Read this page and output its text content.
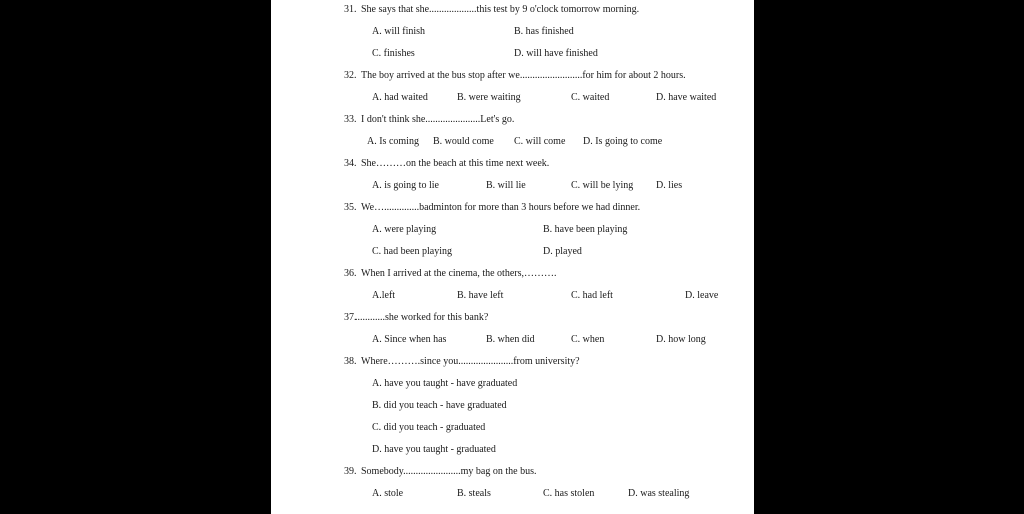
31. She says that she...................this test by 9 o'clock tomorrow morning.
A. will finish	B. has finished
C. finishes	D. will have finished
32. The boy arrived at the bus stop after we.........................for him for about 2 hours.
A. had waited	B. were waiting	C. waited	D. have waited
33. I don't think she......................Let's go.
A. Is coming B. would come C. will come D. Is going to come
34. She………on the beach at this time next week.
A. is going to lie	B. will lie	C. will be lying D. lies
35. We…..............badminton for more than 3 hours before we had dinner.
A. were playing	B. have been playing
C. had been playing	D. played
36. When I arrived at the cinema, the others,……….
A.left	B. have left	C. had left	D. leave
37.
............she worked for this bank?
A. Since when has	B. when did	C. when	D. how long
38. Where……….since you......................from university?
A. have you taught - have graduated
B. did you teach - have graduated
C. did you teach - graduated
D. have you taught - graduated
39. Somebody.......................my bag on the bus.
A. stole	B. steals	C. has stolen	D. was stealing
